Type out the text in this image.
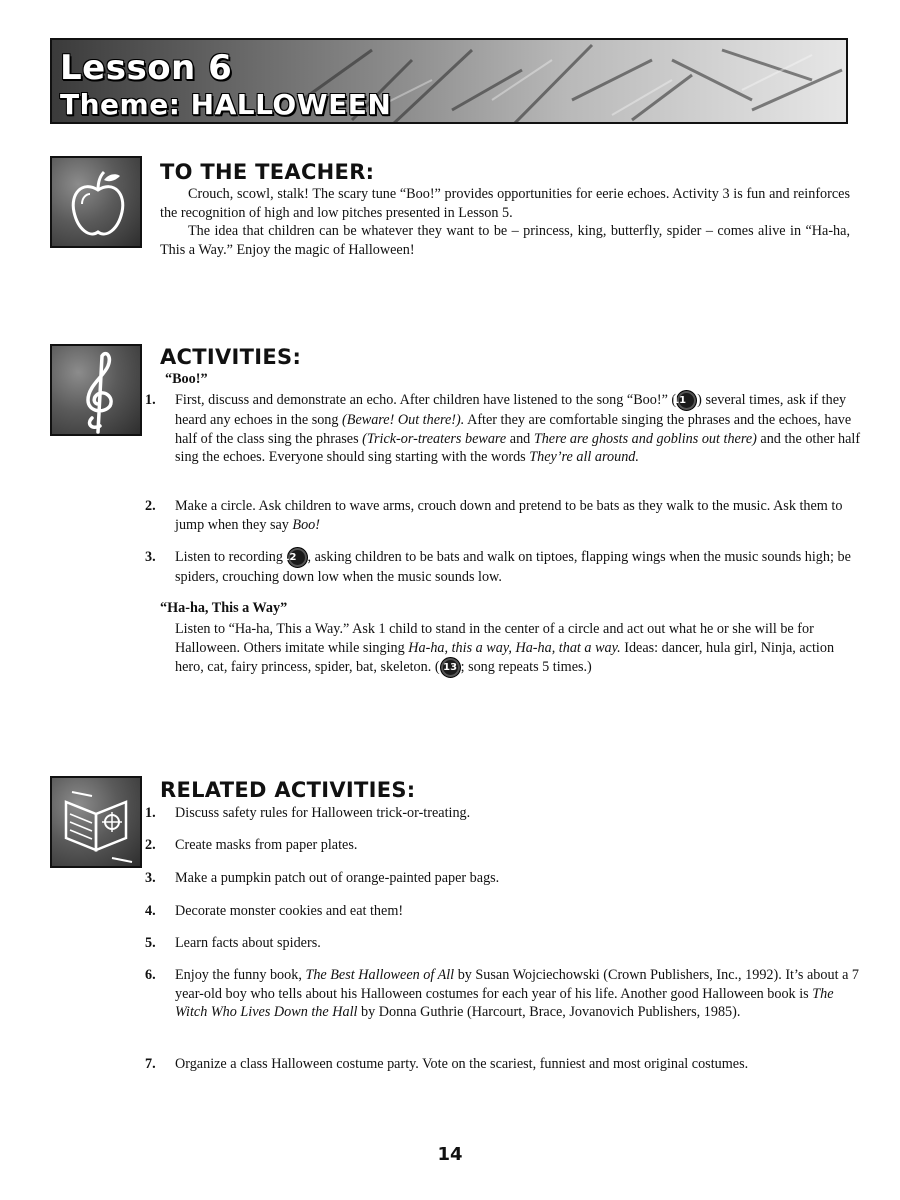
Lesson 6
Theme: HALLOWEEN
TO THE TEACHER:
Crouch, scowl, stalk! The scary tune “Boo!” provides opportunities for eerie echoes. Activity 3 is fun and reinforces the recognition of high and low pitches presented in Lesson 5.
The idea that children can be whatever they want to be – princess, king, butterfly, spider – comes alive in “Ha-ha, This a Way.” Enjoy the magic of Halloween!
ACTIVITIES:
“Boo!”
1. First, discuss and demonstrate an echo. After children have listened to the song “Boo!” (11 ) several times, ask if they heard any echoes in the song (Beware! Out there!). After they are comfortable singing the phrases and the echoes, have half of the class sing the phrases (Trick-or-treaters beware and There are ghosts and goblins out there) and the other half sing the echoes. Everyone should sing starting with the words They’re all around.
2. Make a circle. Ask children to wave arms, crouch down and pretend to be bats as they walk to the music. Ask them to jump when they say Boo!
3. Listen to recording 12 , asking children to be bats and walk on tiptoes, flapping wings when the music sounds high; be spiders, crouching down low when the music sounds low.
“Ha-ha, This a Way”
Listen to “Ha-ha, This a Way.” Ask 1 child to stand in the center of a circle and act out what he or she will be for Halloween. Others imitate while singing Ha-ha, this a way, Ha-ha, that a way. Ideas: dancer, hula girl, Ninja, action hero, cat, fairy princess, spider, bat, skeleton. ( 13 ; song repeats 5 times.)
RELATED ACTIVITIES:
1. Discuss safety rules for Halloween trick-or-treating.
2. Create masks from paper plates.
3. Make a pumpkin patch out of orange-painted paper bags.
4. Decorate monster cookies and eat them!
5. Learn facts about spiders.
6. Enjoy the funny book, The Best Halloween of All by Susan Wojciechowski (Crown Publishers, Inc., 1992). It’s about a 7 year-old boy who tells about his Halloween costumes for each year of his life. Another good Halloween book is The Witch Who Lives Down the Hall by Donna Guthrie (Harcourt, Brace, Jovanovich Publishers, 1985).
7. Organize a class Halloween costume party. Vote on the scariest, funniest and most original costumes.
14
